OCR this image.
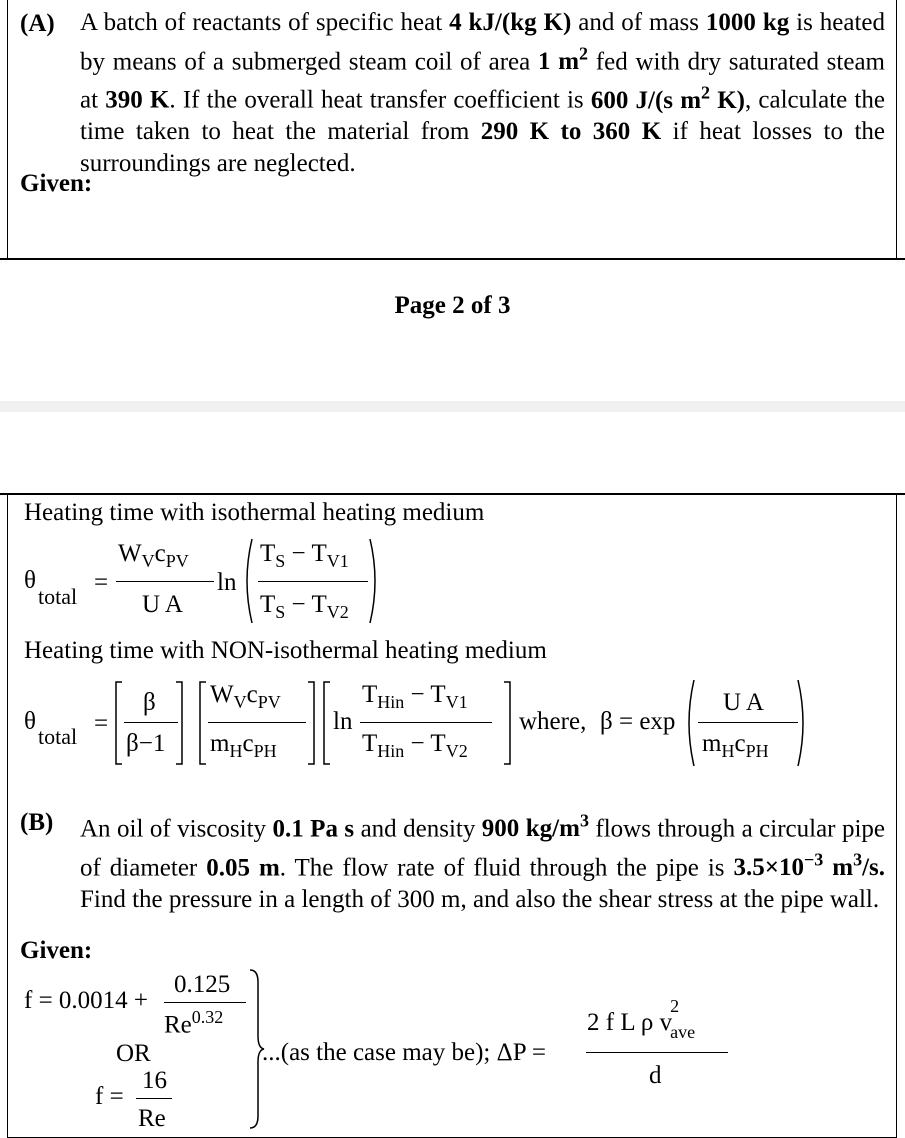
(A) A batch of reactants of specific heat 4 kJ/(kg K) and of mass 1000 kg is heated by means of a submerged steam coil of area 1 $m^2$ fed with dry saturated steam at 390 K. If the overall heat transfer coefficient is 600 J/(s $m^2$ K), calculate the time taken to heat the material from 290 K to 360 K if heat losses to the surroundings are neglected.
Given:
Page 2 of 3
Heating time with isothermal heating medium
θ
total
=
$W_Vc_{PV}$
U A
ln
$T_S - T_{V1}$
$T_S - T_{V2}$
Heating time with NON-isothermal heating medium
θ
total =
β
β−1
$W_Vc_{PV}$
$m_Hc_{PH}$
ln
$T_{Hin} - T_{V1}$
$T_{Hin} - T_{V2}$
where, β = exp
U A
$m_Hc_{PH}$
(B) An oil of viscosity 0.1 Pa s and density 900 $kg/m^3$ flows through a circular pipe of diameter 0.05 m. The flow rate of fluid through the pipe is $3.5\times 10^{-3}$ $m^3/s$. Find the pressure in a length of 300 m, and also the shear stress at the pipe wall.
Given:
f = 0.0014 +
0.125
$Re^{0.32}$
OR
f =
16
Re
...(as the case may be); ΔP =
2 f L ρ v
2
ave
d
